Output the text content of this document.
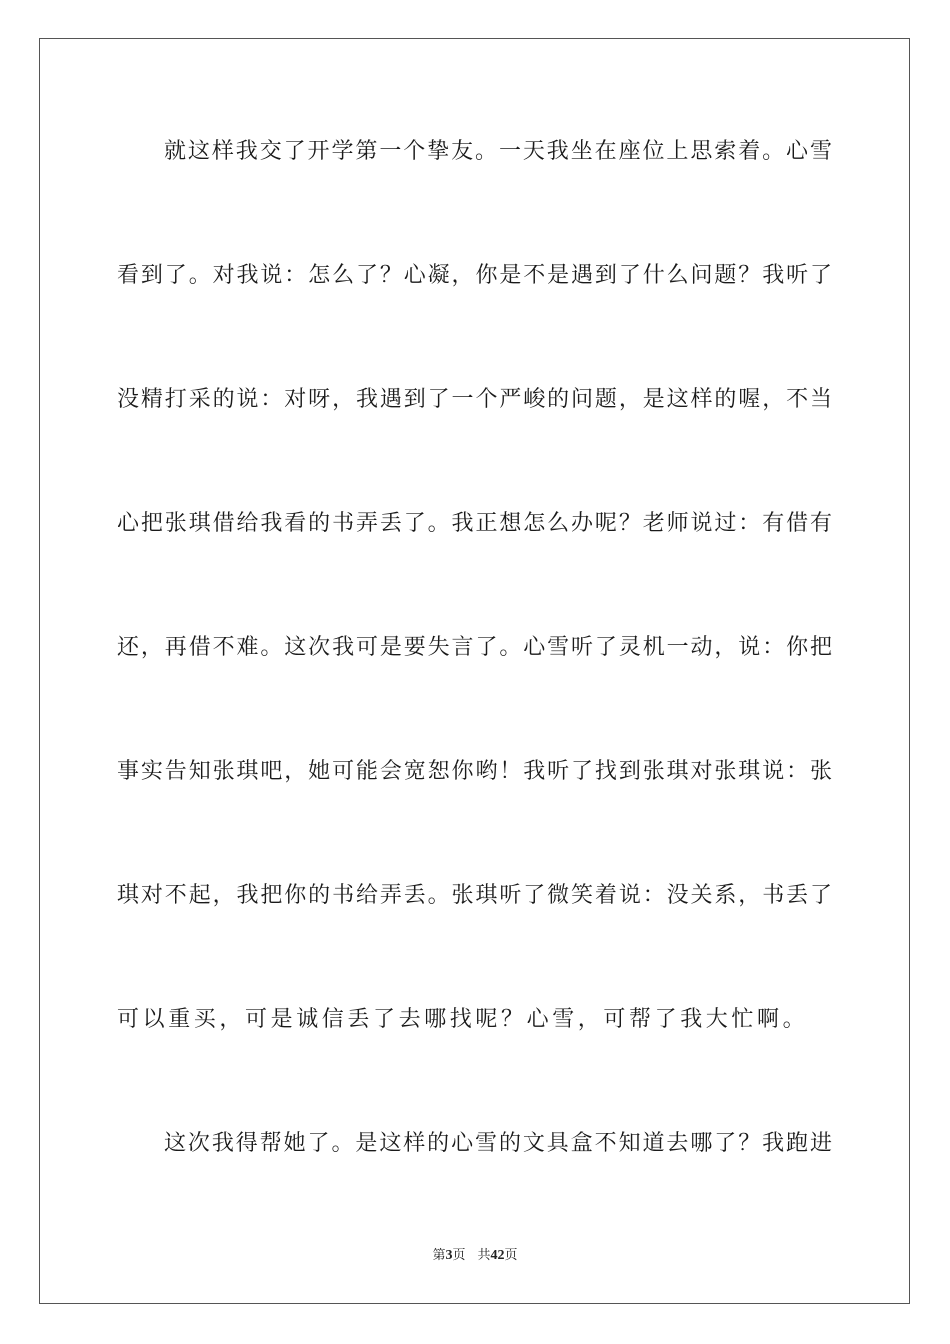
就这样我交了开学第一个挚友。一天我坐在座位上思索着。心雪

看到了。对我说：怎么了？心凝，你是不是遇到了什么问题？我听了

没精打采的说：对呀，我遇到了一个严峻的问题，是这样的喔，不当

心把张琪借给我看的书弄丢了。我正想怎么办呢？老师说过：有借有

还，再借不难。这次我可是要失言了。心雪听了灵机一动，说：你把

事实告知张琪吧，她可能会宽恕你哟！我听了找到张琪对张琪说：张

琪对不起，我把你的书给弄丢。张琪听了微笑着说：没关系，书丢了

可以重买，可是诚信丢了去哪找呢？心雪，可帮了我大忙啊。

这次我得帮她了。是这样的心雪的文具盒不知道去哪了？我跑进

第3页 共42页
